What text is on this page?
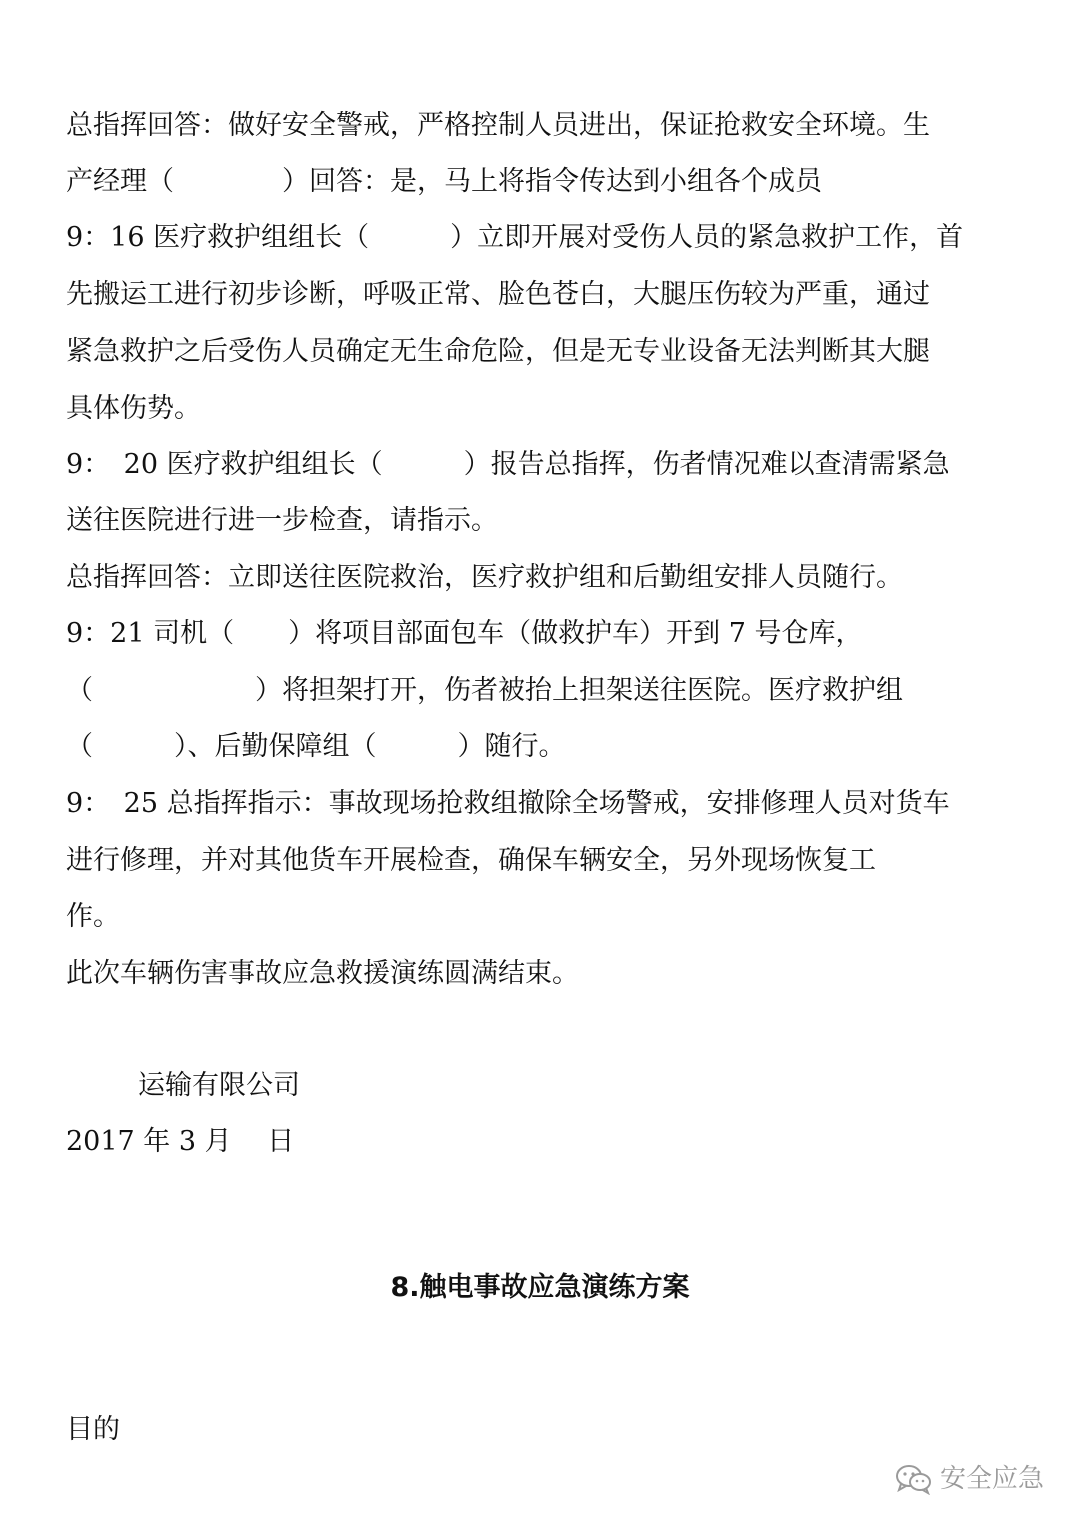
总指挥回答：做好安全警戒，严格控制人员进出，保证抢救安全环境。生
产经理（　　　　）回答：是，马上将指令传达到小组各个成员
9：16 医疗救护组组长（　　　）立即开展对受伤人员的紧急救护工作，首
先搬运工进行初步诊断，呼吸正常、脸色苍白，大腿压伤较为严重，通过
紧急救护之后受伤人员确定无生命危险，但是无专业设备无法判断其大腿
具体伤势。
9：　20 医疗救护组组长（　　　）报告总指挥，伤者情况难以查清需紧急
送往医院进行进一步检查，请指示。
总指挥回答：立即送往医院救治，医疗救护组和后勤组安排人员随行。
9：21 司机（　　）将项目部面包车（做救护车）开到 7 号仓库，
（　　　　　　）将担架打开，伤者被抬上担架送往医院。医疗救护组
（　　　）、后勤保障组（　　　）随行。
9：　25 总指挥指示：事故现场抢救组撤除全场警戒，安排修理人员对货车
进行修理，并对其他货车开展检查，确保车辆安全，另外现场恢复工
作。
此次车辆伤害事故应急救援演练圆满结束。
运输有限公司
2017 年 3 月　 日
8.触电事故应急演练方案
目的
安全应急
